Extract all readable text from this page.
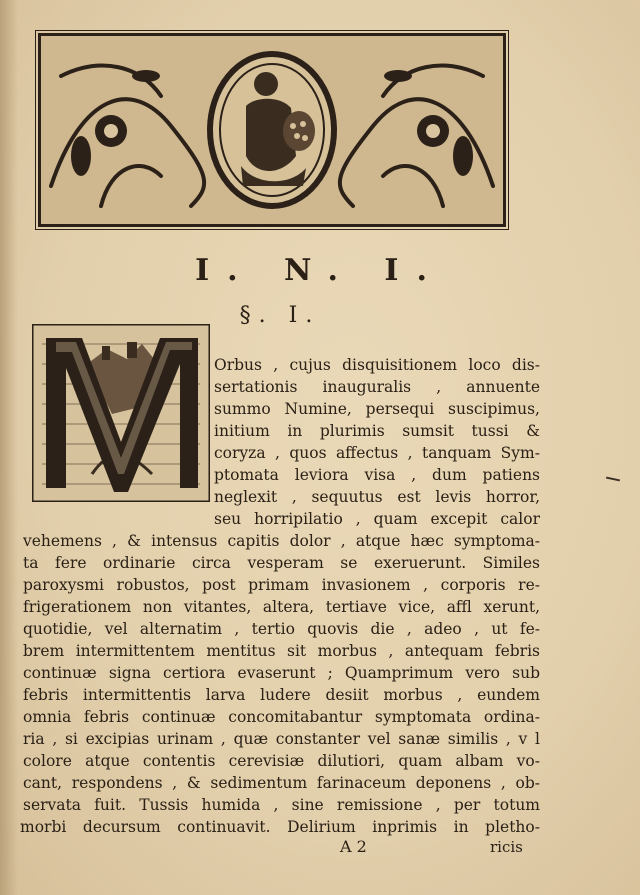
I. N. I.
§. I.
Orbus , cujus disquisitionem loco dis-
sertationis inauguralis , annuente
summo Numine, persequi suscipimus,
initium in plurimis sumsit tussi &
coryza , quos affectus , tanquam Sym-
ptomata leviora visa , dum patiens
neglexit , sequutus est levis horror,
seu horripilatio , quam excepit calor
vehemens , & intensus capitis dolor , atque hæc symptoma-
ta fere ordinarie circa vesperam se exeruerunt. Similes
paroxysmi robustos, post primam invasionem , corporis re-
frigerationem non vitantes, altera, tertiave vice, affl xerunt,
quotidie, vel alternatim , tertio quovis die , adeo , ut fe-
brem intermittentem mentitus sit morbus , antequam febris
continuæ signa certiora evaserunt ; Quamprimum vero sub
febris intermittentis larva ludere desiit morbus , eundem
omnia febris continuæ concomitabantur symptomata ordina-
ria , si excipias urinam , quæ constanter vel sanæ similis , v l
colore atque contentis cerevisiæ dilutiori, quam albam vo-
cant, respondens , & sedimentum farinaceum deponens , ob-
servata fuit. Tussis humida , sine remissione , per totum
morbi decursum continuavit. Delirium inprimis in pletho-
A 2	ricis
